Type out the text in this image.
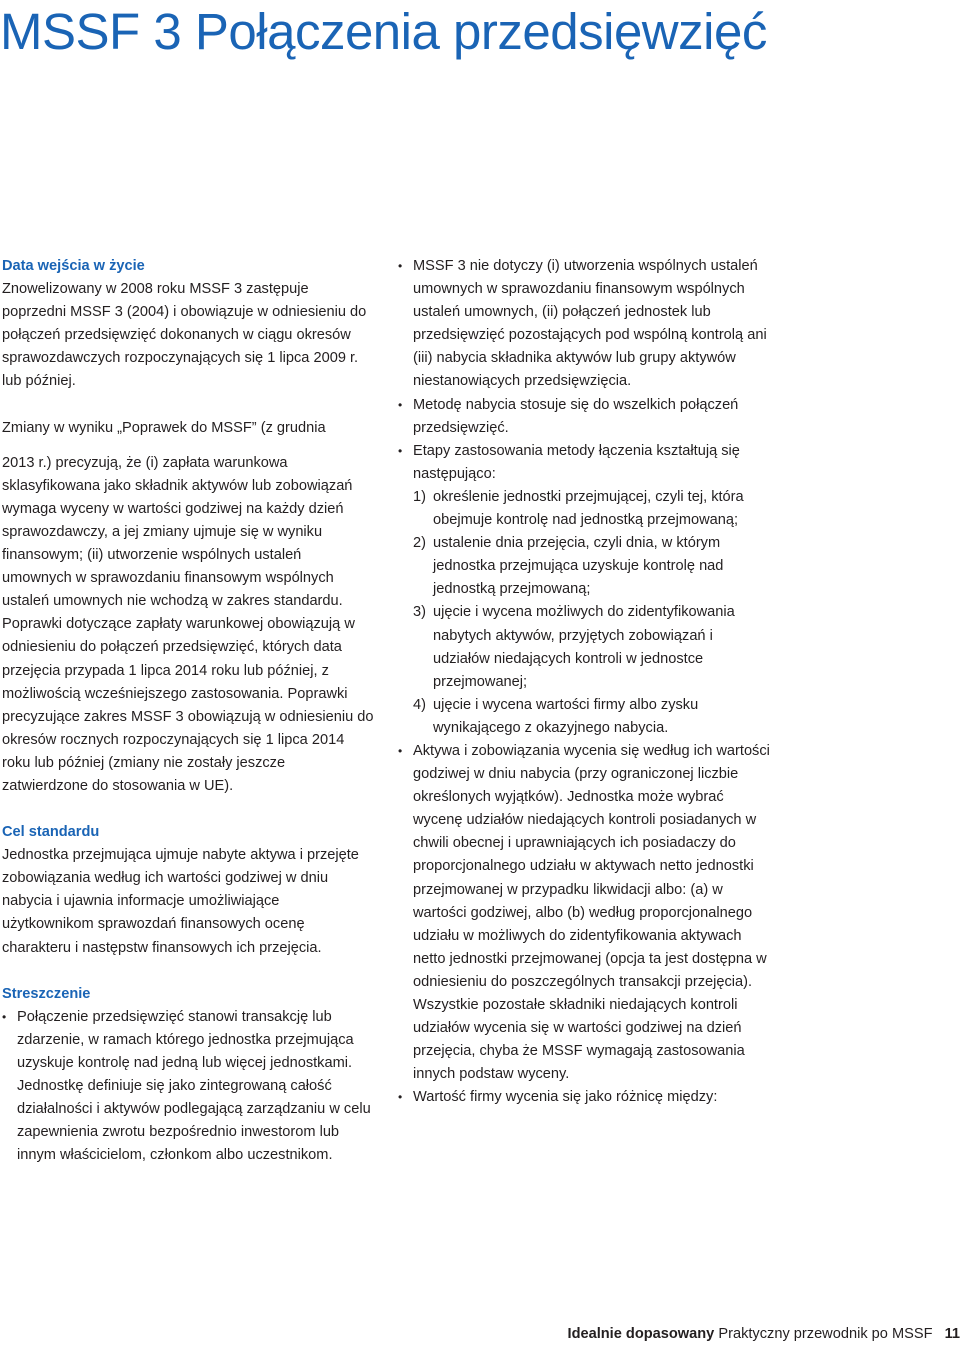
MSSF 3 Połączenia przedsięwzięć

Data wejścia w życie

Znowelizowany w 2008 roku MSSF 3 zastępuje poprzedni MSSF 3 (2004) i obowiązuje w odniesieniu do połączeń przedsięwzięć dokonanych w ciągu okresów sprawozdawczych rozpoczynających się 1 lipca 2009 r. lub później.

Zmiany w wyniku „Poprawek do MSSF” (z grudnia

2013 r.) precyzują, że (i) zapłata warunkowa sklasyfikowana jako składnik aktywów lub zobowiązań wymaga wyceny w wartości godziwej na każdy dzień sprawozdawczy, a jej zmiany ujmuje się w wyniku finansowym; (ii) utworzenie wspólnych ustaleń umownych w sprawozdaniu finansowym wspólnych ustaleń umownych nie wchodzą w zakres standardu. Poprawki dotyczące zapłaty warunkowej obowiązują w odniesieniu do połączeń przedsięwzięć, których data przejęcia przypada 1 lipca 2014 roku lub później, z możliwością wcześniejszego zastosowania. Poprawki precyzujące zakres MSSF 3 obowiązują w odniesieniu do okresów rocznych rozpoczynających się 1 lipca 2014 roku lub później (zmiany nie zostały jeszcze zatwierdzone do stosowania w UE).

Cel standardu

Jednostka przejmująca ujmuje nabyte aktywa i przejęte zobowiązania według ich wartości godziwej w dniu nabycia i ujawnia informacje umożliwiające użytkownikom sprawozdań finansowych ocenę charakteru i następstw finansowych ich przejęcia.

Streszczenie

• Połączenie przedsięwzięć stanowi transakcję lub zdarzenie, w ramach którego jednostka przejmująca uzyskuje kontrolę nad jedną lub więcej jednostkami. Jednostkę definiuje się jako zintegrowaną całość działalności i aktywów podlegającą zarządzaniu w celu zapewnienia zwrotu bezpośrednio inwestorom lub innym właścicielom, członkom albo uczestnikom.

• MSSF 3 nie dotyczy (i) utworzenia wspólnych ustaleń umownych w sprawozdaniu finansowym wspólnych ustaleń umownych, (ii) połączeń jednostek lub przedsięwzięć pozostających pod wspólną kontrolą ani (iii) nabycia składnika aktywów lub grupy aktywów niestanowiących przedsięwzięcia.

• Metodę nabycia stosuje się do wszelkich połączeń przedsięwzięć.

• Etapy zastosowania metody łączenia kształtują się następująco:

1) określenie jednostki przejmującej, czyli tej, która obejmuje kontrolę nad jednostką przejmowaną;

2) ustalenie dnia przejęcia, czyli dnia, w którym jednostka przejmująca uzyskuje kontrolę nad jednostką przejmowaną;

3) ujęcie i wycena możliwych do zidentyfikowania nabytych aktywów, przyjętych zobowiązań i udziałów niedających kontroli w jednostce przejmowanej;

4) ujęcie i wycena wartości firmy albo zysku wynikającego z okazyjnego nabycia.

• Aktywa i zobowiązania wycenia się według ich wartości godziwej w dniu nabycia (przy ograniczonej liczbie określonych wyjątków). Jednostka może wybrać wycenę udziałów niedających kontroli posiadanych w chwili obecnej i uprawniających ich posiadaczy do proporcjonalnego udziału w aktywach netto jednostki przejmowanej w przypadku likwidacji albo: (a) w wartości godziwej, albo (b) według proporcjonalnego udziału w możliwych do zidentyfikowania aktywach netto jednostki przejmowanej (opcja ta jest dostępna w odniesieniu do poszczególnych transakcji przejęcia). Wszystkie pozostałe składniki niedających kontroli udziałów wycenia się w wartości godziwej na dzień przejęcia, chyba że MSSF wymagają zastosowania innych podstaw wyceny.

• Wartość firmy wycenia się jako różnicę między:

Idealnie dopasowany Praktyczny przewodnik po MSSF 11
